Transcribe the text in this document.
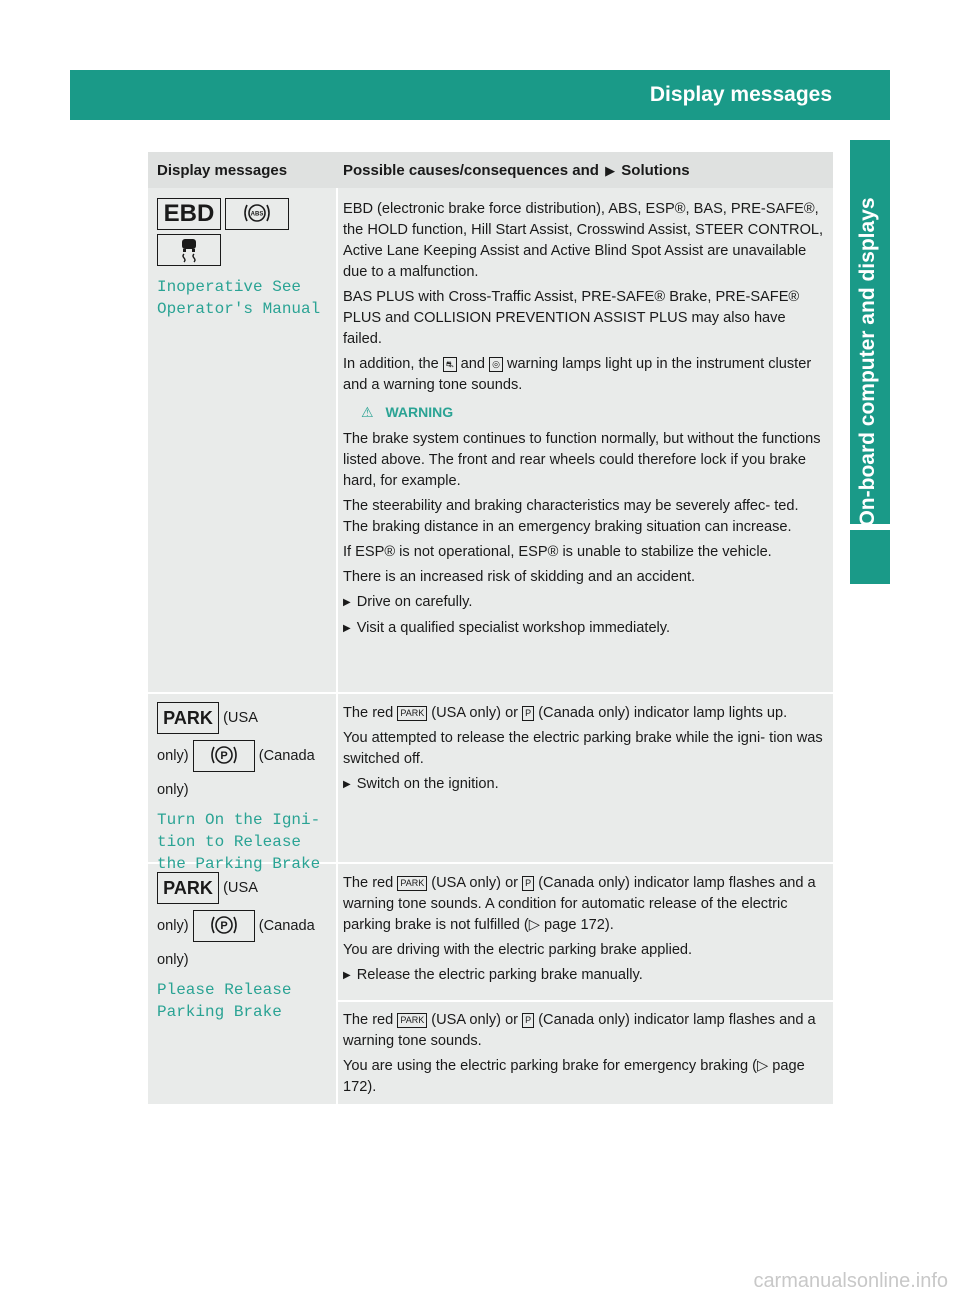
Display messages	255
On-board computer and displays
Display messages	Possible causes/consequences and ▶ Solutions
EBD	ABS
Inoperative See
Operator's Manual

EBD (electronic brake force distribution), ABS, ESP®, BAS, PRE-SAFE®, the HOLD function, Hill Start Assist, Crosswind Assist, STEER CONTROL, Active Lane Keeping Assist and Active Blind Spot Assist are unavailable due to a malfunction.

BAS PLUS with Cross-Traffic Assist, PRE-SAFE® Brake, PRE-SAFE® PLUS and COLLISION PREVENTION ASSIST PLUS may also have failed.

In addition, the ⛐ and ◎ warning lamps light up in the instrument cluster and a warning tone sounds.

⚠ WARNING

The brake system continues to function normally, but without the functions listed above. The front and rear wheels could therefore lock if you brake hard, for example.

The steerability and braking characteristics may be severely affec- ted. The braking distance in an emergency braking situation can increase.

If ESP® is not operational, ESP® is unable to stabilize the vehicle.

There is an increased risk of skidding and an accident.

▶ Drive on carefully.

▶ Visit a qualified specialist workshop immediately.

PARK (USA
only)	P (Canada
only)
Turn On the Igni‐
tion to Release
the Parking Brake

The red PARK (USA only) or P (Canada only) indicator lamp lights up.

You attempted to release the electric parking brake while the igni- tion was switched off.

▶ Switch on the ignition.

PARK (USA
only)	P (Canada
only)
Please Release
Parking Brake

The red PARK (USA only) or P (Canada only) indicator lamp flashes and a warning tone sounds. A condition for automatic release of the electric parking brake is not fulfilled (▷ page 172).

You are driving with the electric parking brake applied.

▶ Release the electric parking brake manually.

The red PARK (USA only) or P (Canada only) indicator lamp flashes and a warning tone sounds.

You are using the electric parking brake for emergency braking (▷ page 172).

carmanualsonline.info
